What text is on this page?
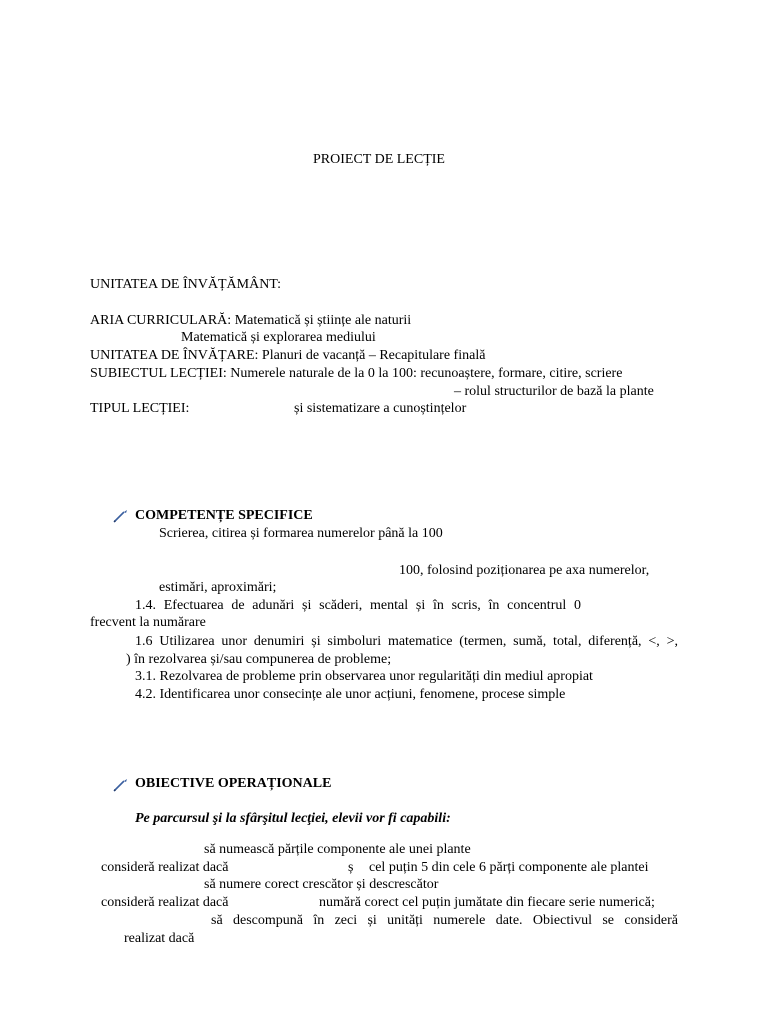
PROIECT DE LECȚIE
UNITATEA DE ÎNVĂȚĂMÂNT:
ARIA CURRICULARĂ: Matematică și științe ale naturii
Matematică și explorarea mediului
UNITATEA DE ÎNVĂȚARE: Planuri de vacanță – Recapitulare finală
SUBIECTUL LECȚIEI: Numerele naturale de la 0 la 100: recunoaștere, formare, citire, scriere
– rolul structurilor de bază la plante
TIPUL LECȚIEI:	și sistematizare a cunoștințelor
COMPETENȚE SPECIFICE
Scrierea, citirea și formarea numerelor până la 100
100, folosind poziționarea pe axa numerelor,
estimări, aproximări;
1.4. Efectuarea de adunări și scăderi, mental și în scris, în concentrul 0
frecvent la numărare
1.6 Utilizarea unor denumiri și simboluri matematice (termen, sumă, total, diferență, <, >,
) în rezolvarea și/sau compunerea de probleme;
3.1. Rezolvarea de probleme prin observarea unor regularități din mediul apropiat
4.2. Identificarea unor consecințe ale unor acțiuni, fenomene, procese simple
OBIECTIVE OPERAȚIONALE
Pe parcursul şi la sfârşitul lecţiei, elevii vor fi capabili:
să numească părțile componente ale unei plante
consideră realizat dacă	ș cel puțin 5 din cele 6 părți componente ale plantei
să numere corect crescător și descrescător
consideră realizat dacă	numără corect cel puțin jumătate din fiecare serie numerică;
să descompună în zeci și unități numerele date. Obiectivul se consideră
realizat dacă
